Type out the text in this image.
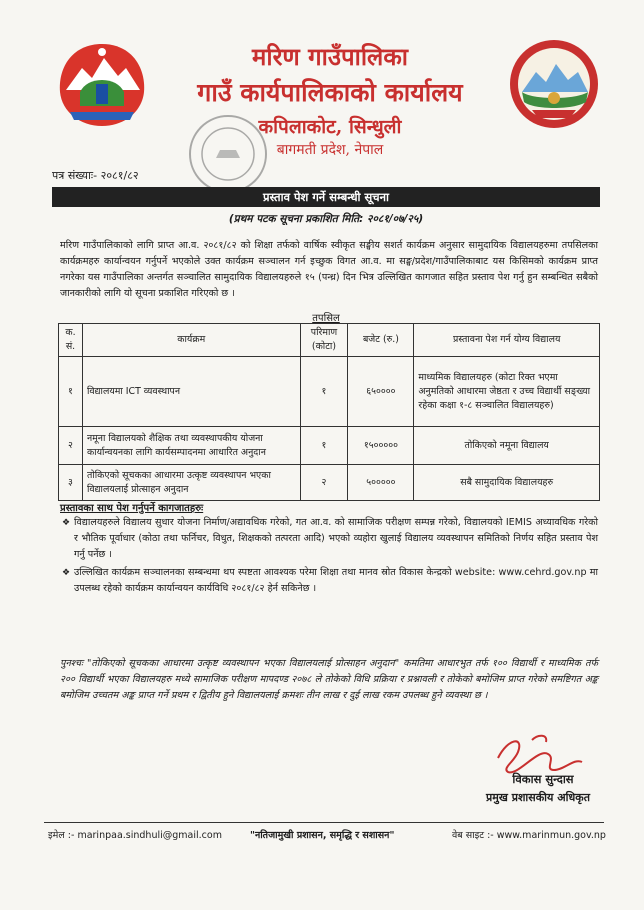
मरिण गाउँपालिका
गाउँ कार्यपालिकाको कार्यालय
कपिलाकोट, सिन्धुली
बागमती प्रदेश, नेपाल
पत्र संख्याः- २०८१/८२
प्रस्ताव पेश गर्ने सम्बन्धी सूचना
(प्रथम पटक सूचना प्रकाशित मिति: २०८१/०७/२५)
मरिण गाउँपालिकाको लागि प्राप्त आ.व. २०८१/८२ को शिक्षा तर्फको वार्षिक स्वीकृत सङ्घीय सशर्त कार्यक्रम अनुसार सामुदायिक विद्यालयहरुमा तपसिलका कार्यक्रमहरु कार्यान्वयन गर्नुपर्ने भएकोले उक्त कार्यक्रम सञ्चालन गर्न इच्छुक विगत आ.व. मा सङ्घ/प्रदेश/गाउँपालिकाबाट यस किसिमको कार्यक्रम प्राप्त नगरेका यस गाउँपालिका अन्तर्गत सञ्चालित सामुदायिक विद्यालयहरुले १५ (पन्ध्र) दिन भित्र उल्लिखित कागजात सहित प्रस्ताव पेश गर्नु हुन सम्बन्धित सबैको जानकारीको लागि यो सूचना प्रकाशित गरिएको छ ।
तपसिल
क. सं.	कार्यक्रम	परिमाण (कोटा)	बजेट (रु.)	प्रस्तावना पेश गर्न योग्य विद्यालय
१	विद्यालयमा ICT व्यवस्थापन	१	६५००००	माध्यमिक विद्यालयहरु (कोटा रिक्त भएमा अनुमतिको आधारमा जेष्ठता र उच्च विद्यार्थी सङ्ख्या रहेका कक्षा १-८ सञ्चालित विद्यालयहरु)
२	नमूना विद्यालयको शैक्षिक तथा व्यवस्थापकीय योजना कार्यान्वयनका लागि कार्यसम्पादनमा आधारित अनुदान	१	१५०००००	तोकिएको नमूना विद्यालय
३	तोकिएको सूचकका आधारमा उत्कृष्ट व्यवस्थापन भएका विद्यालयलाई प्रोत्साहन अनुदान	२	५०००००	सबै सामुदायिक विद्यालयहरु
प्रस्तावका साथ पेश गर्नुपर्ने कागजातहरुः
❖ विद्यालयहरुले विद्यालय सुधार योजना निर्माण/अद्यावधिक गरेको, गत आ.व. को सामाजिक परीक्षण सम्पन्न गरेको, विद्यालयको IEMIS अध्यावधिक गरेको र भौतिक पूर्वाधार (कोठा तथा फर्निचर, विधुत, शिक्षकको तत्परता आदि) भएको व्यहोरा खुलाई विद्यालय व्यवस्थापन समितिको निर्णय सहित प्रस्ताव पेश गर्नु पर्नेछ ।
❖ उल्लिखित कार्यक्रम सञ्चालनका सम्बन्धमा थप स्पष्टता आवश्यक परेमा शिक्षा तथा मानव स्रोत विकास केन्द्रको website: www.cehrd.gov.np मा उपलब्ध रहेको कार्यक्रम कार्यान्वयन कार्यविधि २०८१/८२ हेर्न सकिनेछ ।
पुनश्चः "तोकिएको सूचकका आधारमा उत्कृष्ट व्यवस्थापन भएका विद्यालयलाई प्रोत्साहन अनुदान" कमतिमा आधारभुत तर्फ १०० विद्यार्थी र माध्यमिक तर्फ २०० विद्यार्थी भएका विद्यालयहरु मध्ये सामाजिक परीक्षण मापदण्ड २०७८ ले तोकेको विधि प्रक्रिया र प्रश्नावली र तोकेको बमोजिम प्राप्त गरेको समष्टिगत अङ्क बमोजिम उच्चतम अङ्क प्राप्त गर्ने प्रथम र द्वितीय हुने विद्यालयलाई क्रमशः तीन लाख र दुई लाख रकम उपलब्ध हुने व्यवस्था छ ।
विकास सुन्दास
प्रमुख प्रशासकीय अधिकृत
इमेल :- marinpaa.sindhuli@gmail.com	"नतिजामुखी प्रशासन, समृद्धि र सशासन"	वेब साइट :- www.marinmun.gov.np
